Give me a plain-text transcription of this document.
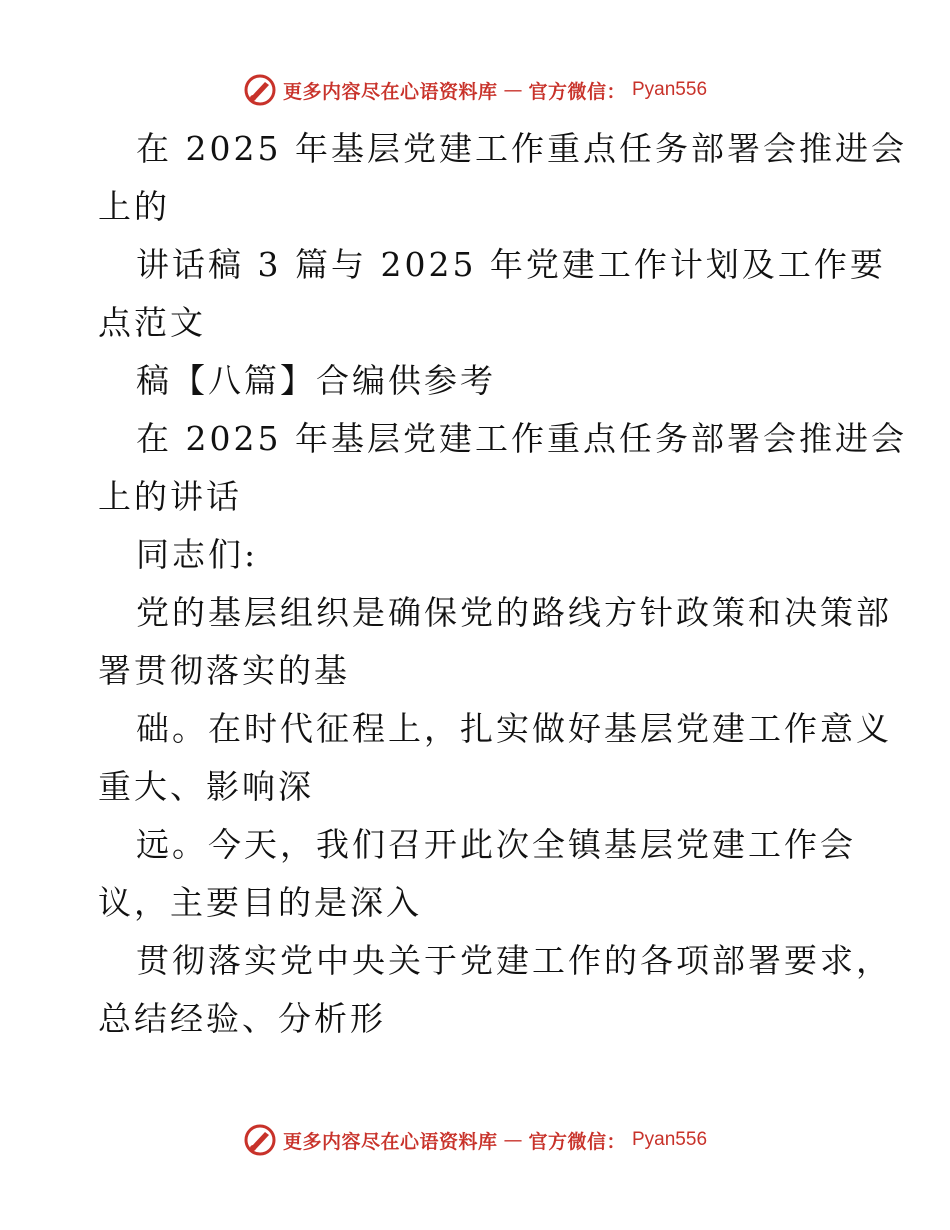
更多内容尽在心语资料库 — 官方微信： Pyan556
在 2025 年基层党建工作重点任务部署会推进会
上的
讲话稿 3 篇与 2025 年党建工作计划及工作要
点范文
稿【八篇】合编供参考
在 2025 年基层党建工作重点任务部署会推进会
上的讲话
同志们:
党的基层组织是确保党的路线方针政策和决策部
署贯彻落实的基
础。在时代征程上，扎实做好基层党建工作意义
重大、影响深
远。今天，我们召开此次全镇基层党建工作会
议，主要目的是深入
贯彻落实党中央关于党建工作的各项部署要求，
总结经验、分析形
更多内容尽在心语资料库 — 官方微信： Pyan556
